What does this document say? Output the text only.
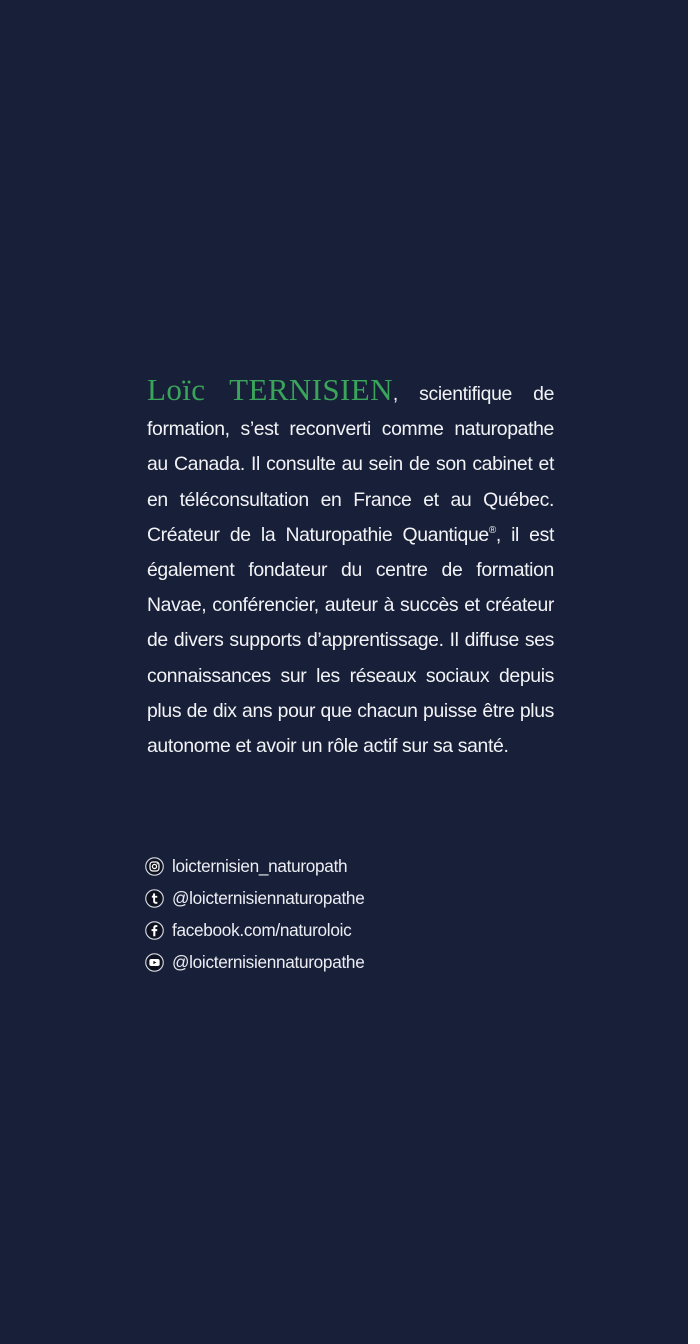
Loïc TERNISIEN, scientifique de formation, s’est reconverti comme naturopathe au Canada. Il consulte au sein de son cabinet et en téléconsultation en France et au Québec. Créateur de la Naturopathie Quantique®, il est également fondateur du centre de formation Navae, conférencier, auteur à succès et créateur de divers supports d’apprentissage. Il diffuse ses connaissances sur les réseaux sociaux depuis plus de dix ans pour que chacun puisse être plus autonome et avoir un rôle actif sur sa santé.

loicternisien_naturopath
@loicternisiennaturopathe
facebook.com/naturoloic
@loicternisiennaturopathe
